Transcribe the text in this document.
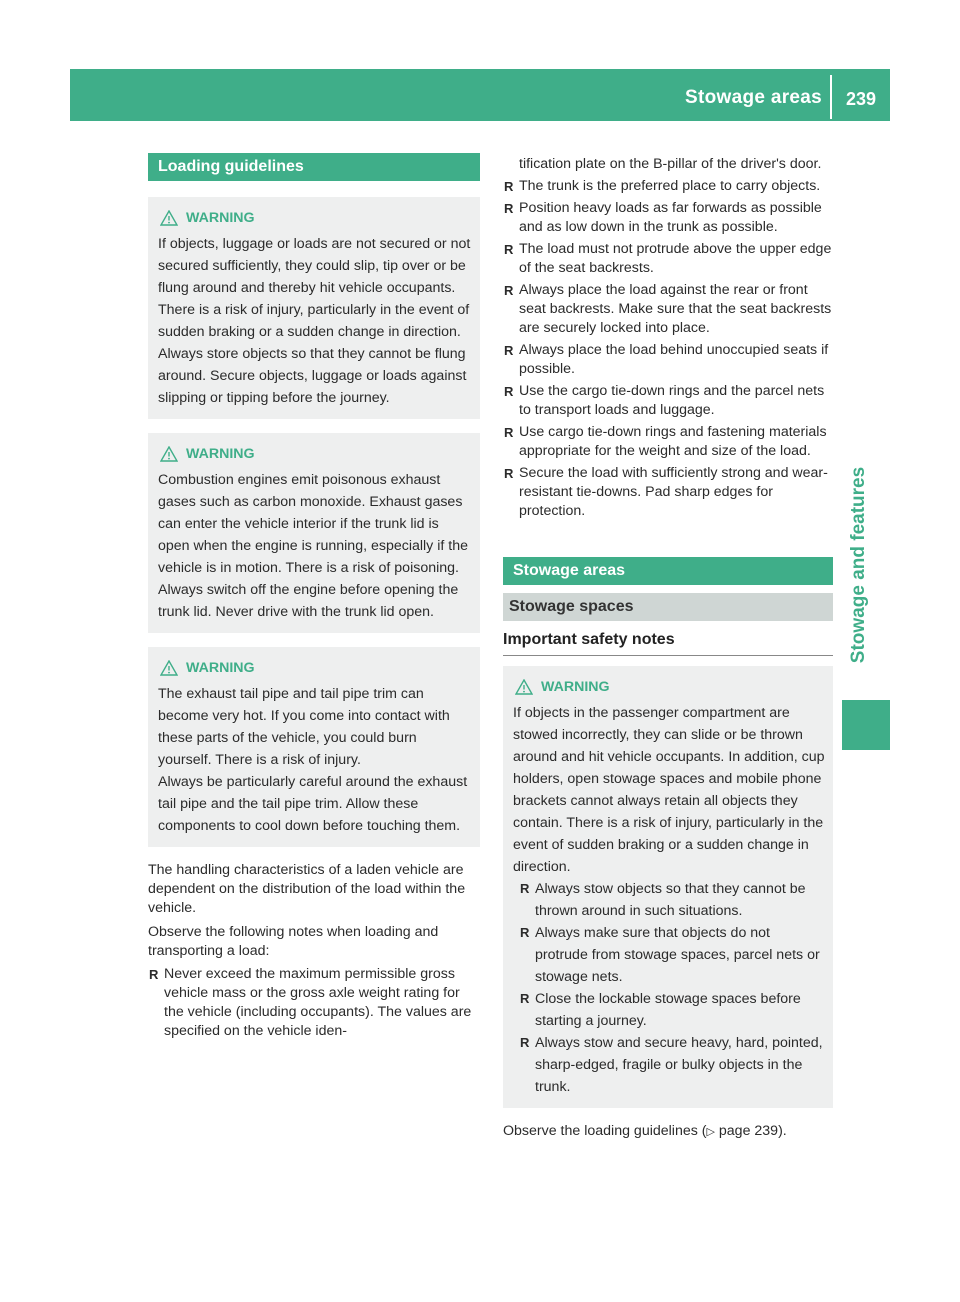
Stowage areas	239
Stowage and features
Loading guidelines
WARNING

If objects, luggage or loads are not secured or not secured sufficiently, they could slip, tip over or be flung around and thereby hit vehicle occupants. There is a risk of injury, particularly in the event of sudden braking or a sudden change in direction.

Always store objects so that they cannot be flung around. Secure objects, luggage or loads against slipping or tipping before the journey.

WARNING

Combustion engines emit poisonous exhaust gases such as carbon monoxide. Exhaust gases can enter the vehicle interior if the trunk lid is open when the engine is running, especially if the vehicle is in motion. There is a risk of poisoning.

Always switch off the engine before opening the trunk lid. Never drive with the trunk lid open.

WARNING

The exhaust tail pipe and tail pipe trim can become very hot. If you come into contact with these parts of the vehicle, you could burn yourself. There is a risk of injury.

Always be particularly careful around the exhaust tail pipe and the tail pipe trim. Allow these components to cool down before touching them.

The handling characteristics of a laden vehicle are dependent on the distribution of the load within the vehicle.

Observe the following notes when loading and transporting a load:

R Never exceed the maximum permissible gross vehicle mass or the gross axle weight rating for the vehicle (including occupants). The values are specified on the vehicle iden-

tification plate on the B-pillar of the driver's door.

R The trunk is the preferred place to carry objects.
R Position heavy loads as far forwards as possible and as low down in the trunk as possible.
R The load must not protrude above the upper edge of the seat backrests.
R Always place the load against the rear or front seat backrests. Make sure that the seat backrests are securely locked into place.
R Always place the load behind unoccupied seats if possible.
R Use the cargo tie-down rings and the parcel nets to transport loads and luggage.
R Use cargo tie-down rings and fastening materials appropriate for the weight and size of the load.
R Secure the load with sufficiently strong and wear-resistant tie-downs. Pad sharp edges for protection.
Stowage areas
Stowage spaces
Important safety notes
WARNING

If objects in the passenger compartment are stowed incorrectly, they can slide or be thrown around and hit vehicle occupants. In addition, cup holders, open stowage spaces and mobile phone brackets cannot always retain all objects they contain. There is a risk of injury, particularly in the event of sudden braking or a sudden change in direction.

R Always stow objects so that they cannot be thrown around in such situations.
R Always make sure that objects do not protrude from stowage spaces, parcel nets or stowage nets.
R Close the lockable stowage spaces before starting a journey.
R Always stow and secure heavy, hard, pointed, sharp-edged, fragile or bulky objects in the trunk.

Observe the loading guidelines (▷ page 239).
